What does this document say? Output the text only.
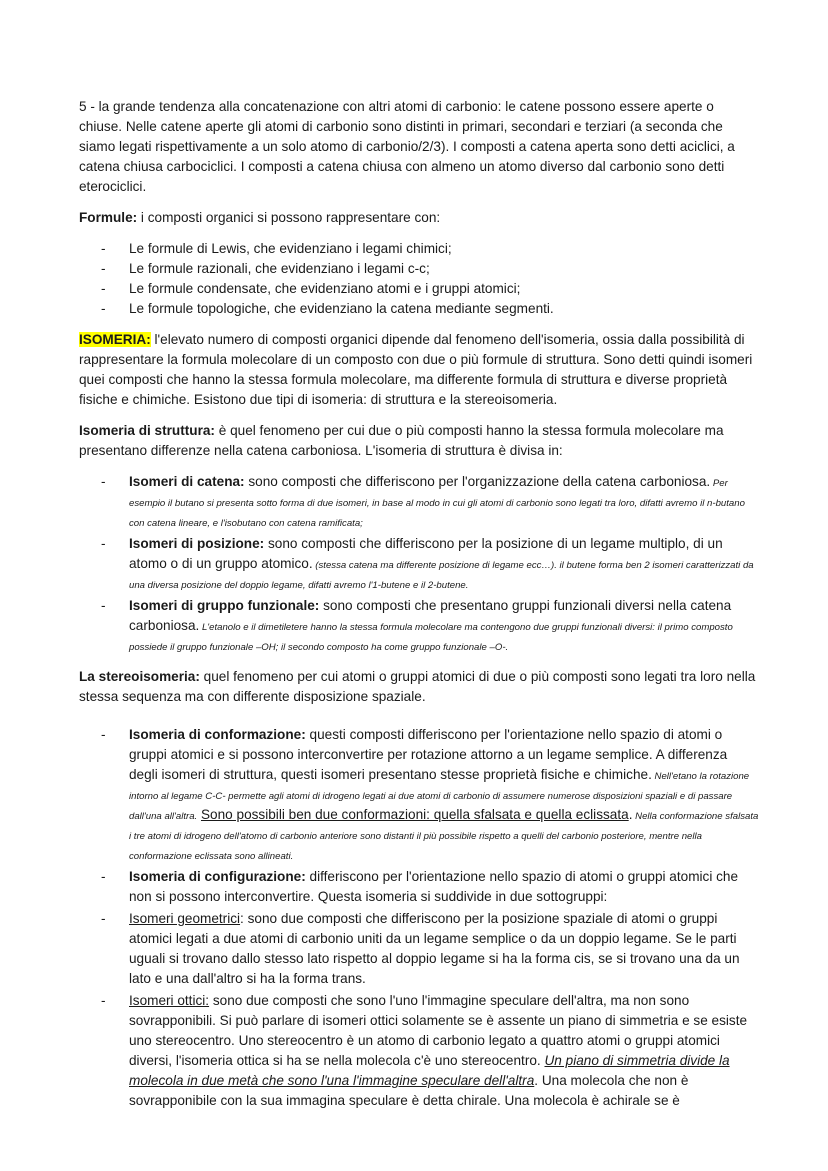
5 - la grande tendenza alla concatenazione con altri atomi di carbonio: le catene possono essere aperte o chiuse. Nelle catene aperte gli atomi di carbonio sono distinti in primari, secondari e terziari (a seconda che siamo legati rispettivamente a un solo atomo di carbonio/2/3). I composti a catena aperta sono detti aciclici, a catena chiusa carbociclici. I composti a catena chiusa con almeno un atomo diverso dal carbonio sono detti eterociclici.

Formule: i composti organici si possono rappresentare con:

- Le formule di Lewis, che evidenziano i legami chimici;
- Le formule razionali, che evidenziano i legami c-c;
- Le formule condensate, che evidenziano atomi e i gruppi atomici;
- Le formule topologiche, che evidenziano la catena mediante segmenti.

ISOMERIA: l'elevato numero di composti organici dipende dal fenomeno dell'isomeria, ossia dalla possibilità di rappresentare la formula molecolare di un composto con due o più formule di struttura. Sono detti quindi isomeri quei composti che hanno la stessa formula molecolare, ma differente formula di struttura e diverse proprietà fisiche e chimiche. Esistono due tipi di isomeria: di struttura e la stereoisomeria.

Isomeria di struttura: è quel fenomeno per cui due o più composti hanno la stessa formula molecolare ma presentano differenze nella catena carboniosa. L'isomeria di struttura è divisa in:

- Isomeri di catena: sono composti che differiscono per l'organizzazione della catena carboniosa. Per esempio il butano si presenta sotto forma di due isomeri, in base al modo in cui gli atomi di carbonio sono legati tra loro, difatti avremo il n-butano con catena lineare, e l'isobutano con catena ramificata;
- Isomeri di posizione: sono composti che differiscono per la posizione di un legame multiplo, di un atomo o di un gruppo atomico. (stessa catena ma differente posizione di legame ecc…). il butene forma ben 2 isomeri caratterizzati da una diversa posizione del doppio legame, difatti avremo l'1-butene e il 2-butene.
- Isomeri di gruppo funzionale: sono composti che presentano gruppi funzionali diversi nella catena carboniosa. L'etanolo e il dimetiletere hanno la stessa formula molecolare ma contengono due gruppi funzionali diversi: il primo composto possiede il gruppo funzionale –OH; il secondo composto ha come gruppo funzionale –O-.

La stereoisomeria: quel fenomeno per cui atomi o gruppi atomici di due o più composti sono legati tra loro nella stessa sequenza ma con differente disposizione spaziale.

- Isomeria di conformazione: questi composti differiscono per l'orientazione nello spazio di atomi o gruppi atomici e si possono interconvertire per rotazione attorno a un legame semplice. A differenza degli isomeri di struttura, questi isomeri presentano stesse proprietà fisiche e chimiche. Nell'etano la rotazione intorno al legame C-C- permette agli atomi di idrogeno legati ai due atomi di carbonio di assumere numerose disposizioni spaziali e di passare dall'una all'altra. Sono possibili ben due conformazioni: quella sfalsata e quella eclissata. Nella conformazione sfalsata i tre atomi di idrogeno dell'atomo di carbonio anteriore sono distanti il più possibile rispetto a quelli del carbonio posteriore, mentre nella conformazione eclissata sono allineati.
- Isomeria di configurazione: differiscono per l'orientazione nello spazio di atomi o gruppi atomici che non si possono interconvertire. Questa isomeria si suddivide in due sottogruppi:
- Isomeri geometrici: sono due composti che differiscono per la posizione spaziale di atomi o gruppi atomici legati a due atomi di carbonio uniti da un legame semplice o da un doppio legame. Se le parti uguali si trovano dallo stesso lato rispetto al doppio legame si ha la forma cis, se si trovano una da un lato e una dall'altro si ha la forma trans.
- Isomeri ottici: sono due composti che sono l'uno l'immagine speculare dell'altra, ma non sono sovrapponibili. Si può parlare di isomeri ottici solamente se è assente un piano di simmetria e se esiste uno stereocentro. Uno stereocentro è un atomo di carbonio legato a quattro atomi o gruppi atomici diversi, l'isomeria ottica si ha se nella molecola c'è uno stereocentro. Un piano di simmetria divide la molecola in due metà che sono l'una l'immagine speculare dell'altra. Una molecola che non è sovrapponibile con la sua immagina speculare è detta chirale. Una molecola è achirale se è
